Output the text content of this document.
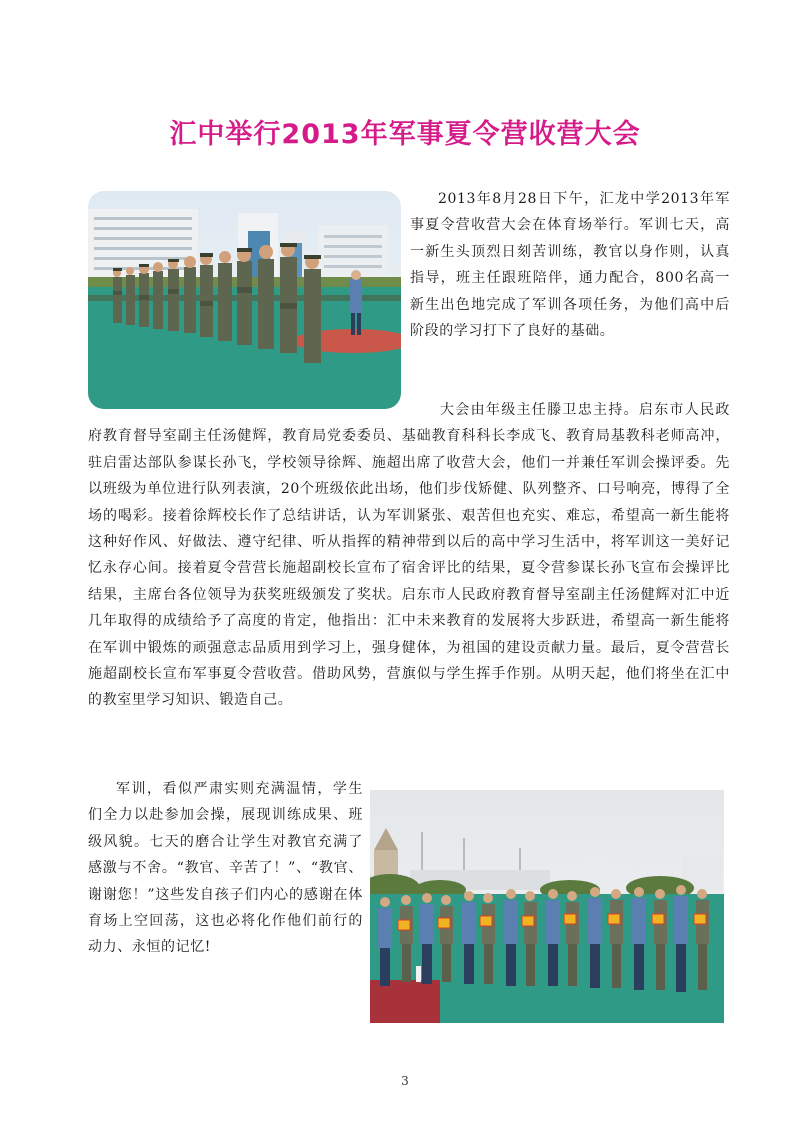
汇中举行2013年军事夏令营收营大会

2013年8月28日下午，汇龙中学2013年军事夏令营收营大会在体育场举行。军训七天，高一新生头顶烈日刻苦训练，教官以身作则，认真指导，班主任跟班陪伴，通力配合，800名高一新生出色地完成了军训各项任务，为他们高中后阶段的学习打下了良好的基础。

大会由年级主任滕卫忠主持。启东市人民政府教育督导室副主任汤健辉，教育局党委委员、基础教育科科长李成飞、教育局基教科老师高冲，驻启雷达部队参谋长孙飞，学校领导徐辉、施超出席了收营大会，他们一并兼任军训会操评委。先以班级为单位进行队列表演，20个班级依此出场，他们步伐矫健、队列整齐、口号响亮，博得了全场的喝彩。接着徐辉校长作了总结讲话，认为军训紧张、艰苦但也充实、难忘，希望高一新生能将这种好作风、好做法、遵守纪律、听从指挥的精神带到以后的高中学习生活中，将军训这一美好记忆永存心间。接着夏令营营长施超副校长宣布了宿舍评比的结果，夏令营参谋长孙飞宣布会操评比结果，主席台各位领导为获奖班级颁发了奖状。启东市人民政府教育督导室副主任汤健辉对汇中近几年取得的成绩给予了高度的肯定，他指出：汇中未来教育的发展将大步跃进，希望高一新生能将在军训中锻炼的顽强意志品质用到学习上，强身健体，为祖国的建设贡献力量。最后，夏令营营长施超副校长宣布军事夏令营收营。借助风势，营旗似与学生挥手作别。从明天起，他们将坐在汇中的教室里学习知识、锻造自己。

军训，看似严肃实则充满温情，学生们全力以赴参加会操，展现训练成果、班级风貌。七天的磨合让学生对教官充满了感激与不舍。“教官、辛苦了！”、“教官、谢谢您！”这些发自孩子们内心的感谢在体育场上空回荡，这也必将化作他们前行的动力、永恒的记忆!

3
